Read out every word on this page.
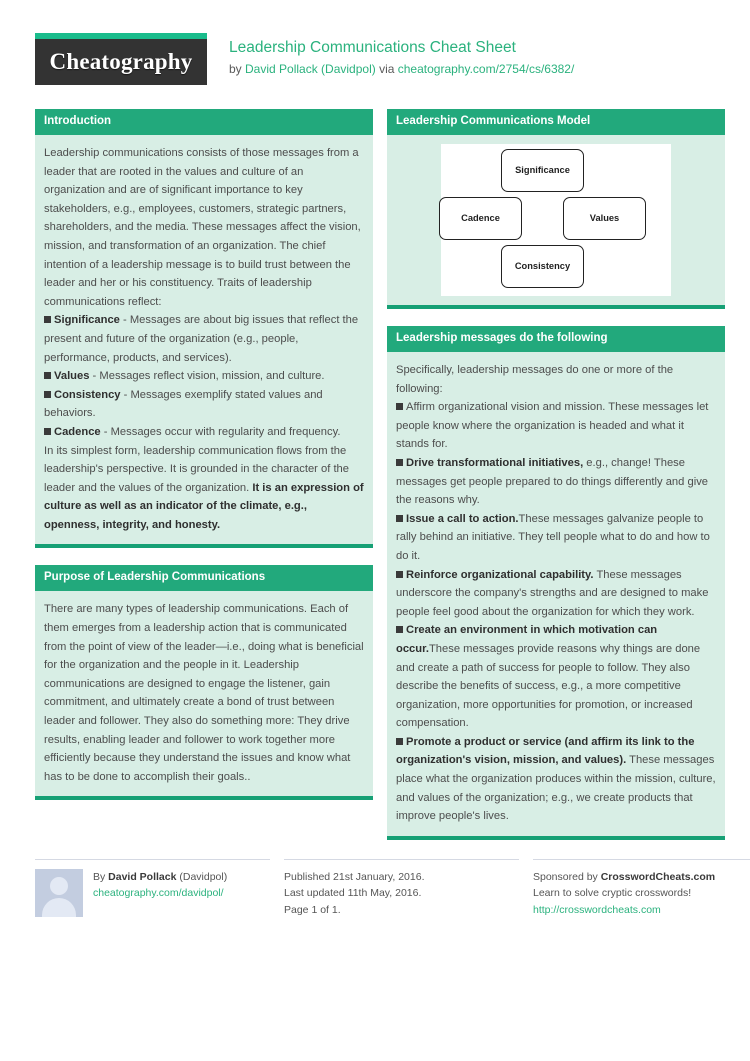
Cheatography
Leadership Communications Cheat Sheet
by David Pollack (Davidpol) via cheatography.com/2754/cs/6382/
Introduction

Leadership communications consists of those messages from a leader that are rooted in the values and culture of an organization and are of significant importance to key stakeholders, e.g., employees, customers, strategic partners, shareholders, and the media. These messages affect the vision, mission, and transformation of an organization. The chief intention of a leadership message is to build trust between the leader and her or his constituency. Traits of leadership communications reflect:

Significance - Messages are about big issues that reflect the present and future of the organization (e.g., people, performance, products, and services).

Values - Messages reflect vision, mission, and culture.

Consistency - Messages exemplify stated values and behaviors.

Cadence - Messages occur with regularity and frequency.

In its simplest form, leadership communication flows from the leadership's perspective. It is grounded in the character of the leader and the values of the organization. It is an expression of culture as well as an indicator of the climate, e.g., openness, integrity, and honesty.

Purpose of Leadership Communications

There are many types of leadership communications. Each of them emerges from a leadership action that is communicated from the point of view of the leader—i.e., doing what is beneficial for the organization and the people in it. Leadership communications are designed to engage the listener, gain commitment, and ultimately create a bond of trust between leader and follower. They also do something more: They drive results, enabling leader and follower to work together more efficiently because they understand the issues and know what has to be done to accomplish their goals..

Leadership Communications Model
Significance
Cadence	Values
Consistency
Leadership messages do the following

Specifically, leadership messages do one or more of the following:

Affirm organizational vision and mission. These messages let people know where the organization is headed and what it stands for.

Drive transformational initiatives, e.g., change! These messages get people prepared to do things differently and give the reasons why.

Issue a call to action.These messages galvanize people to rally behind an initiative. They tell people what to do and how to do it.

Reinforce organizational capability. These messages underscore the company's strengths and are designed to make people feel good about the organization for which they work.

Create an environment in which motivation can occur.These messages provide reasons why things are done and create a path of success for people to follow. They also describe the benefits of success, e.g., a more competitive organization, more opportunities for promotion, or increased compensation.

Promote a product or service (and affirm its link to the organization's vision, mission, and values). These messages place what the organization produces within the mission, culture, and values of the organization; e.g., we create products that improve people's lives.

By David Pollack (Davidpol)
cheatography.com/davidpol/
Published 21st January, 2016.
Last updated 11th May, 2016.
Page 1 of 1.
Sponsored by CrosswordCheats.com
Learn to solve cryptic crosswords!
http://crosswordcheats.com
